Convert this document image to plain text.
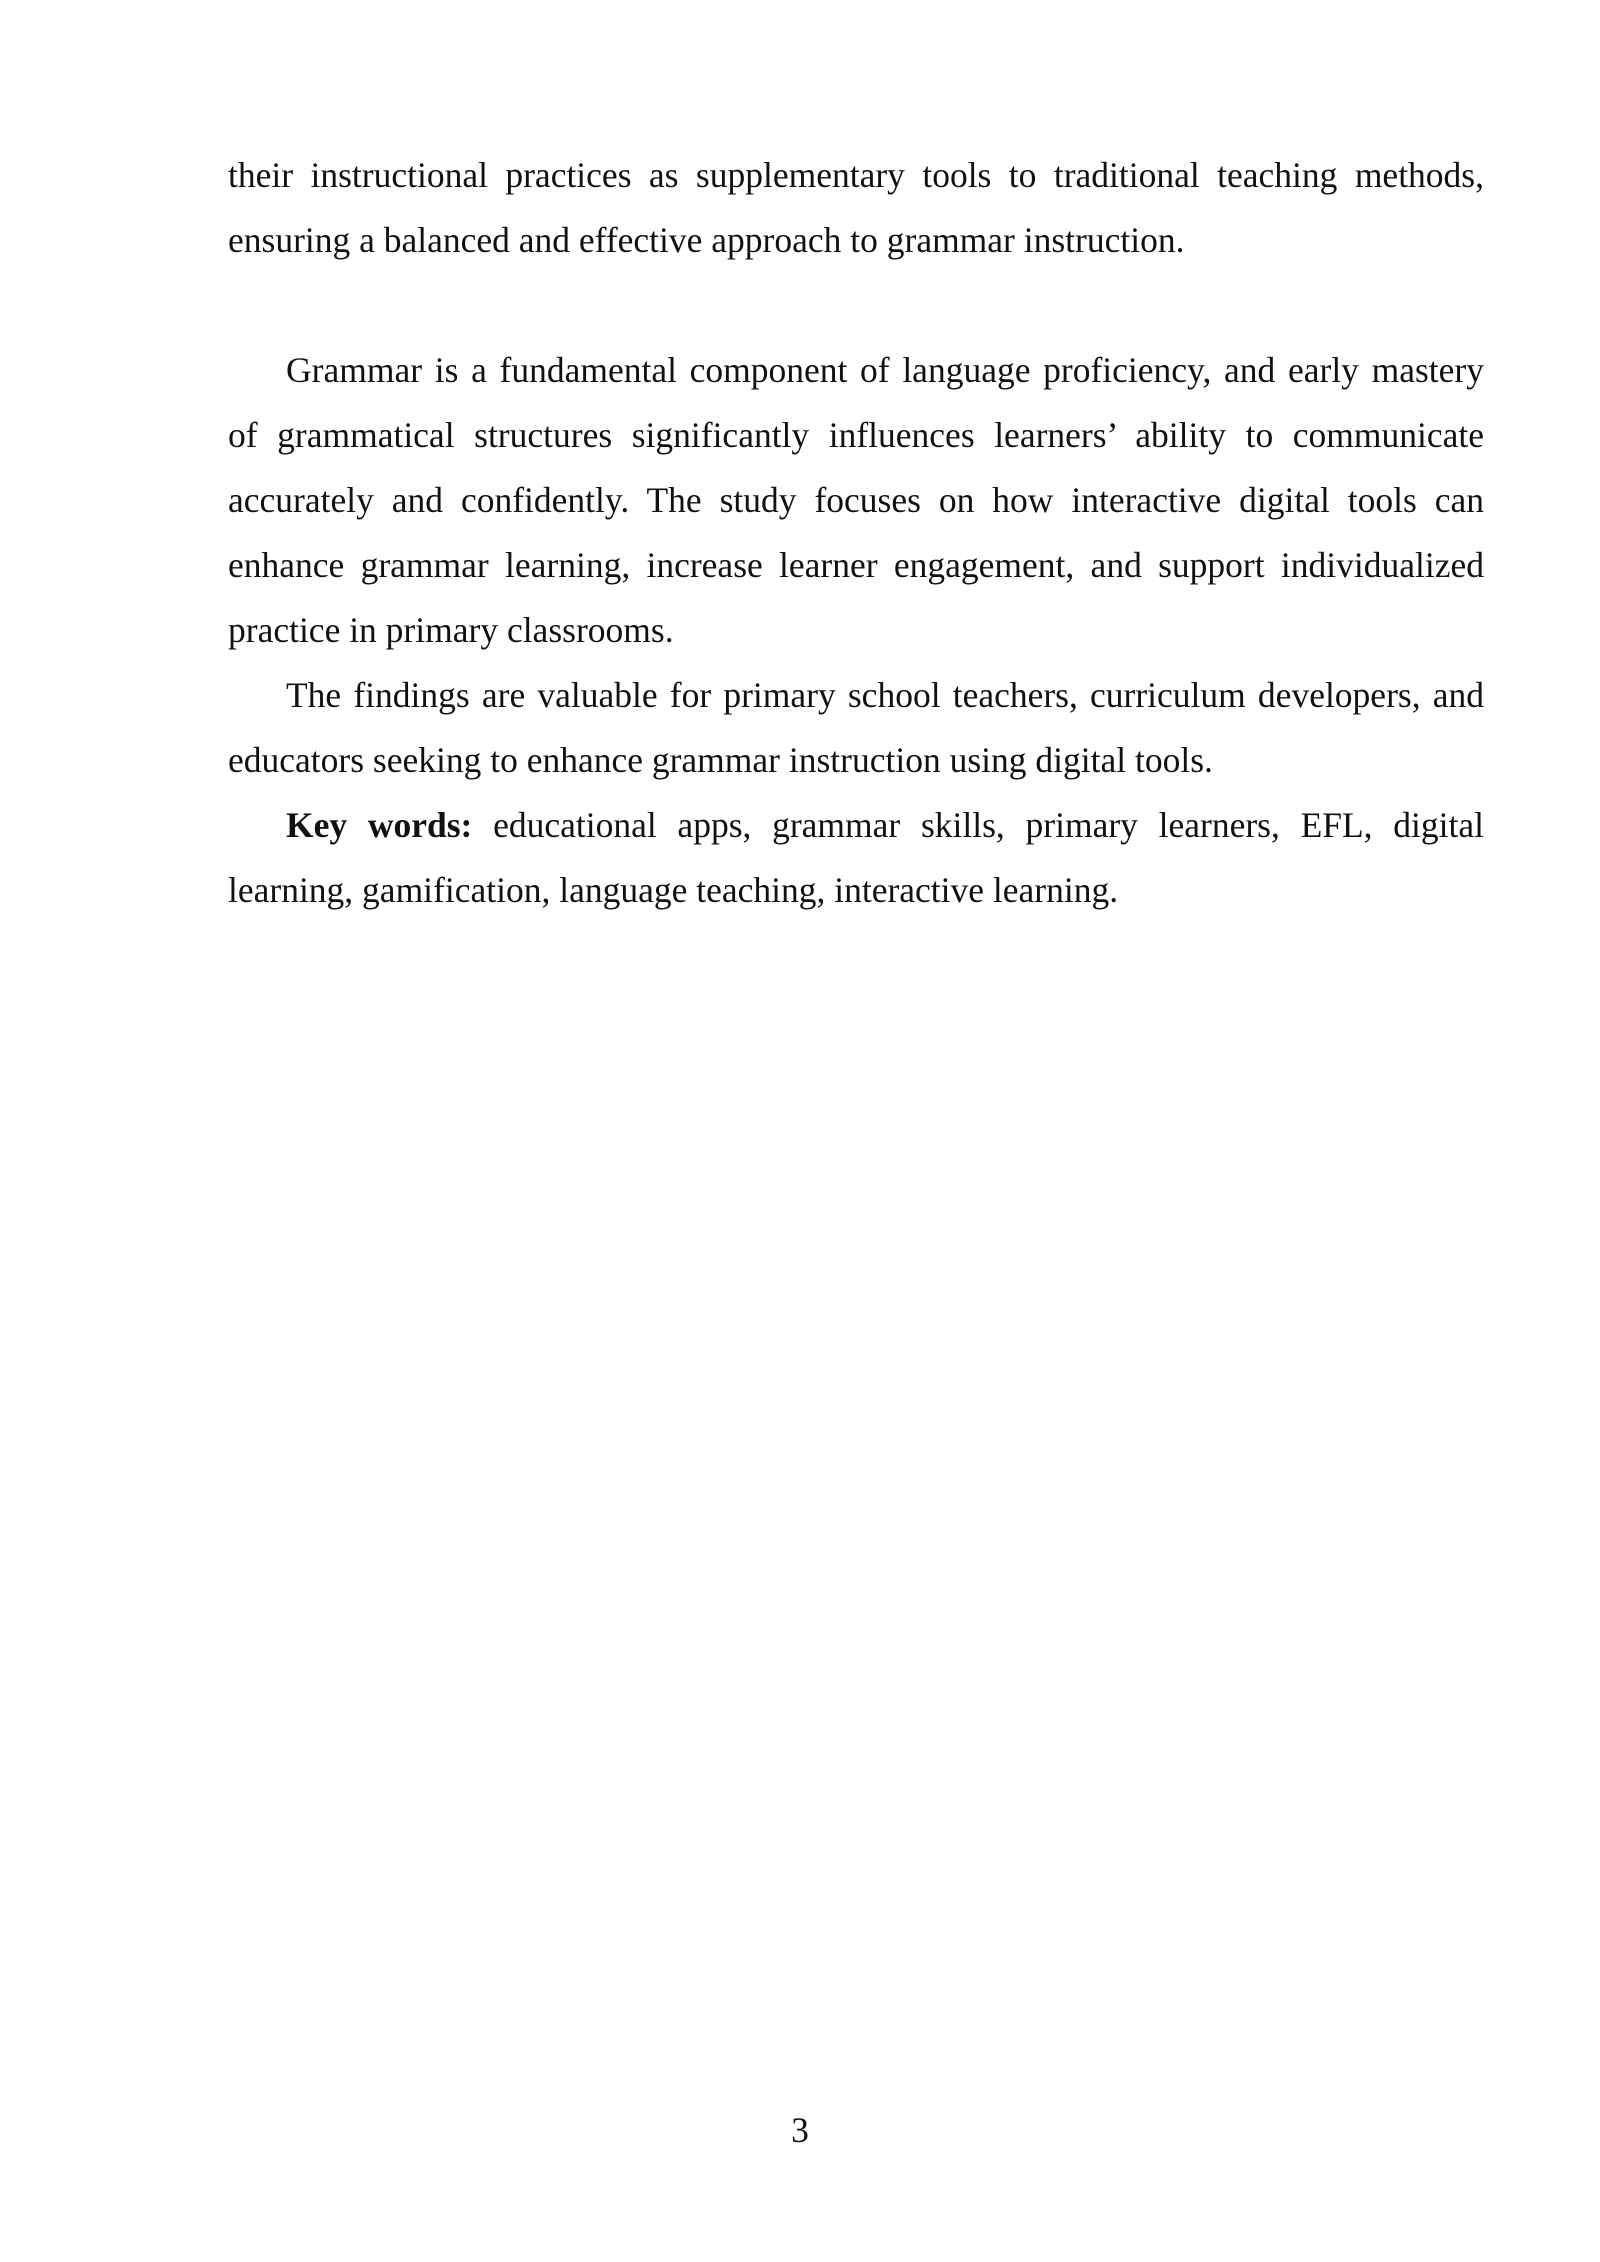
their instructional practices as supplementary tools to traditional teaching methods, ensuring a balanced and effective approach to grammar instruction.

Grammar is a fundamental component of language proficiency, and early mastery of grammatical structures significantly influences learners’ ability to communicate accurately and confidently. The study focuses on how interactive digital tools can enhance grammar learning, increase learner engagement, and support individualized practice in primary classrooms.

The findings are valuable for primary school teachers, curriculum developers, and educators seeking to enhance grammar instruction using digital tools.

Key words: educational apps, grammar skills, primary learners, EFL, digital learning, gamification, language teaching, interactive learning.

3
